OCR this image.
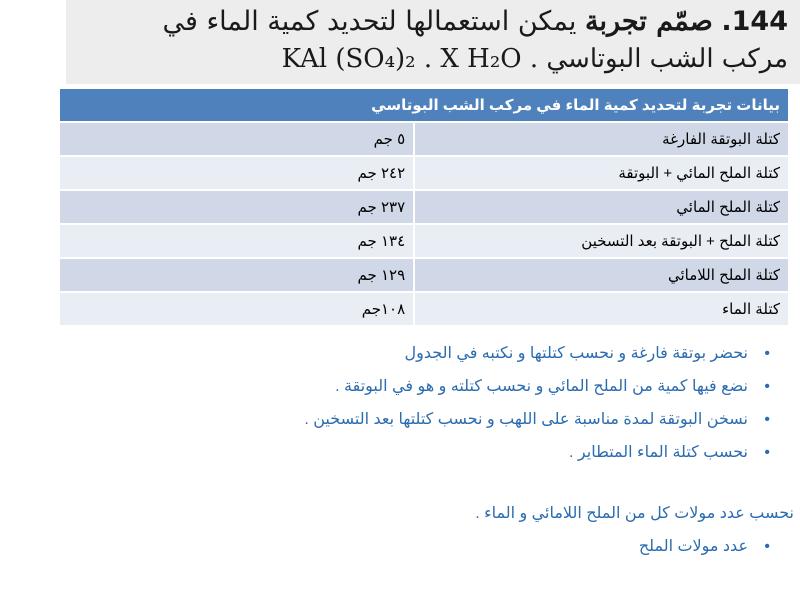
144. صمّم تجربة يمكن استعمالها لتحديد كمية الماء في
مركب الشب البوتاسي KAl (SO₄)₂ . X H₂O .
بيانات تجربة لتحديد كمية الماء في مركب الشب البوتاسي	
كتلة البوتقة الفارغة	٥ جم
كتلة الملح المائي + البوتقة	٢٤٢ جم
كتلة الملح المائي	٢٣٧ جم
كتلة الملح + البوتقة بعد التسخين	١٣٤ جم
كتلة الملح اللامائي	١٢٩ جم
كتلة الماء	١٠٨جم
•نحضر بوتقة فارغة و نحسب كتلتها و نكتبه في الجدول
•نضع فيها كمية من الملح المائي و نحسب كتلته و هو في البوتقة .
•نسخن البوتقة لمدة مناسبة على اللهب و نحسب كتلتها بعد التسخين .
•نحسب كتلة الماء المتطاير .
نحسب عدد مولات كل من الملح اللامائي و الماء .
•عدد مولات الملح
